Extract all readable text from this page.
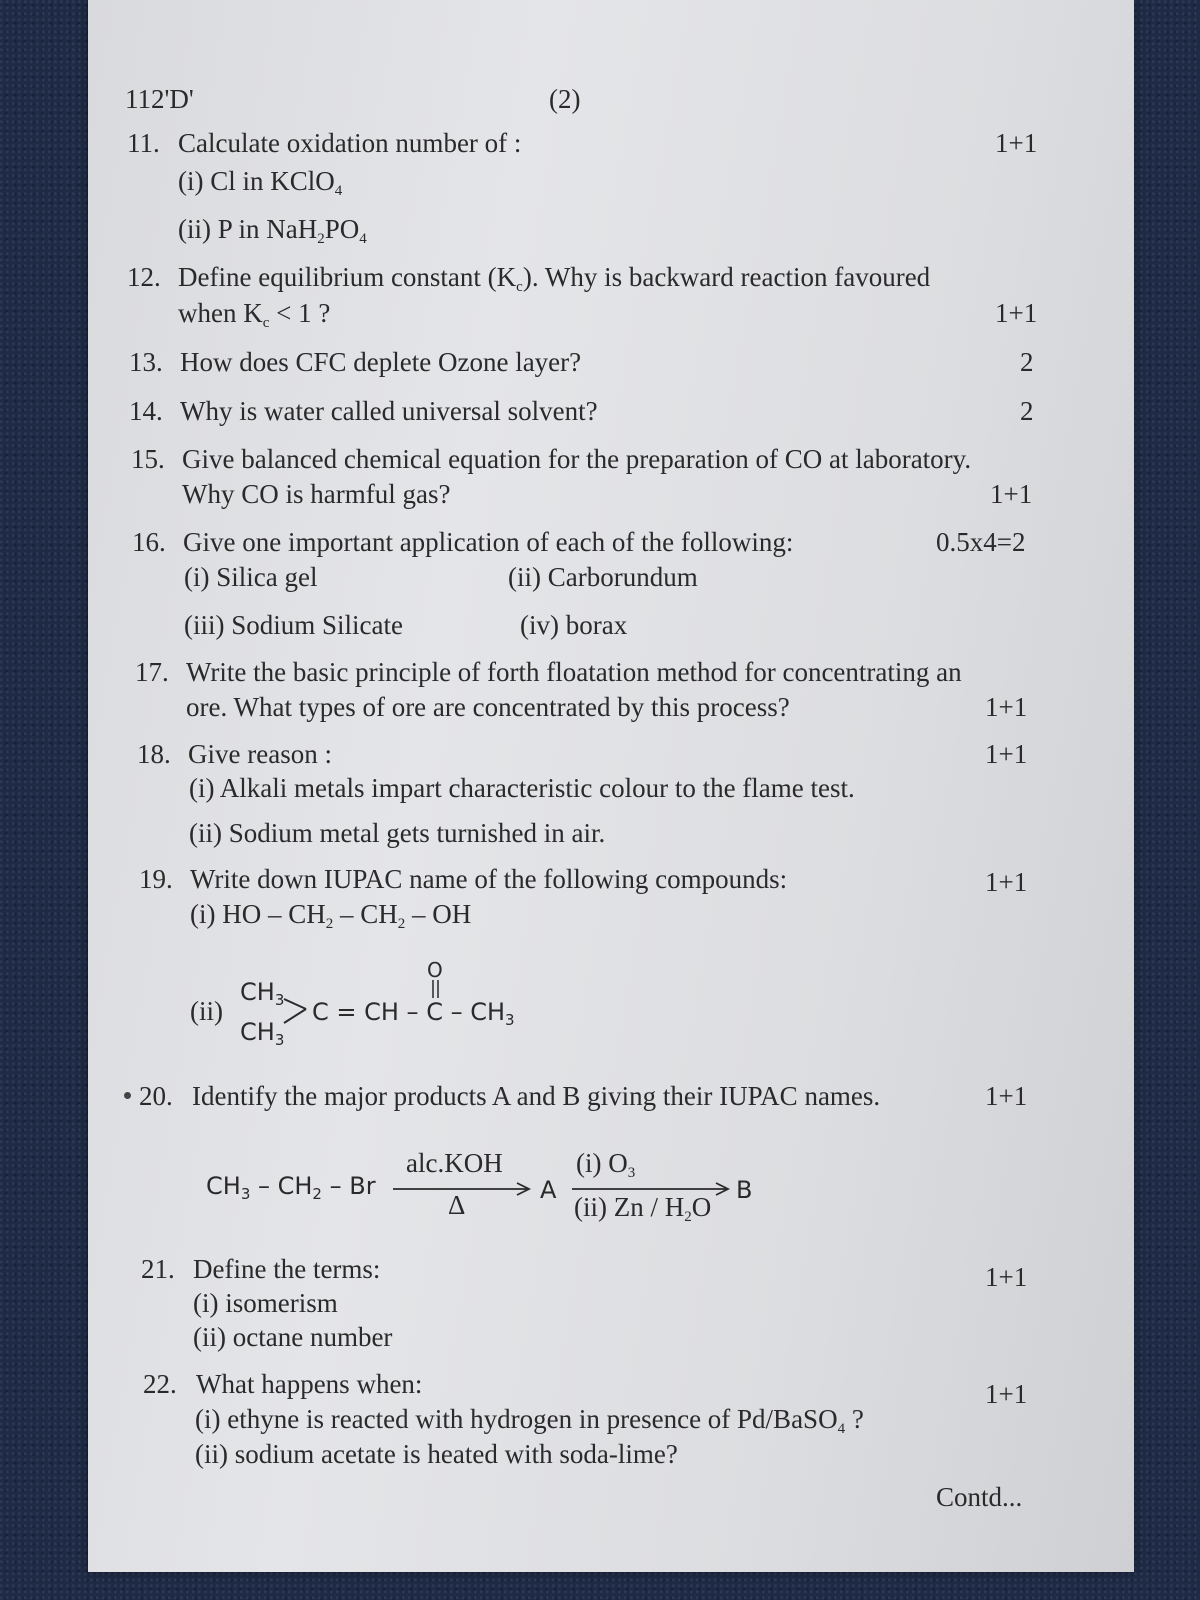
112'D'	(2)
11. Calculate oxidation number of :	1+1
(i) Cl in KClO$_4$
(ii) P in $NaH_2PO_4$
12. Define equilibrium constant $(K_c)$. Why is backward reaction favoured
when $K_c < 1$ ?	1+1
13. How does CFC deplete Ozone layer?	2
14. Why is water called universal solvent?	2
15. Give balanced chemical equation for the preparation of CO at laboratory.
Why CO is harmful gas?	1+1
16. Give one important application of each of the following:	0.5x4=2
(i) Silica gel	(ii) Carborundum
(iii) Sodium Silicate	(iv) borax
17. Write the basic principle of forth floatation method for concentrating an
ore. What types of ore are concentrated by this process?	1+1
18. Give reason :	1+1
(i) Alkali metals impart characteristic colour to the flame test.
(ii) Sodium metal gets turnished in air.
19. Write down IUPAC name of the following compounds:	1+1
(i) HO – $CH_2 - CH_2$ – OH
(ii)
$CH_3$
$CH_3$
C = CH – C – $CH_3$
O
20. Identify the major products A and B giving their IUPAC names.	1+1
$CH_3 - CH_2$ – Br
alc.KOH
Δ	A
(i) $O_3$
(ii) Zn / $H_2O$
B
21. Define the terms:	1+1
(i) isomerism
(ii) octane number
22. What happens when:	1+1
(i) ethyne is reacted with hydrogen in presence of Pd/BaSO$_4$ ?
(ii) sodium acetate is heated with soda-lime?
Contd...
